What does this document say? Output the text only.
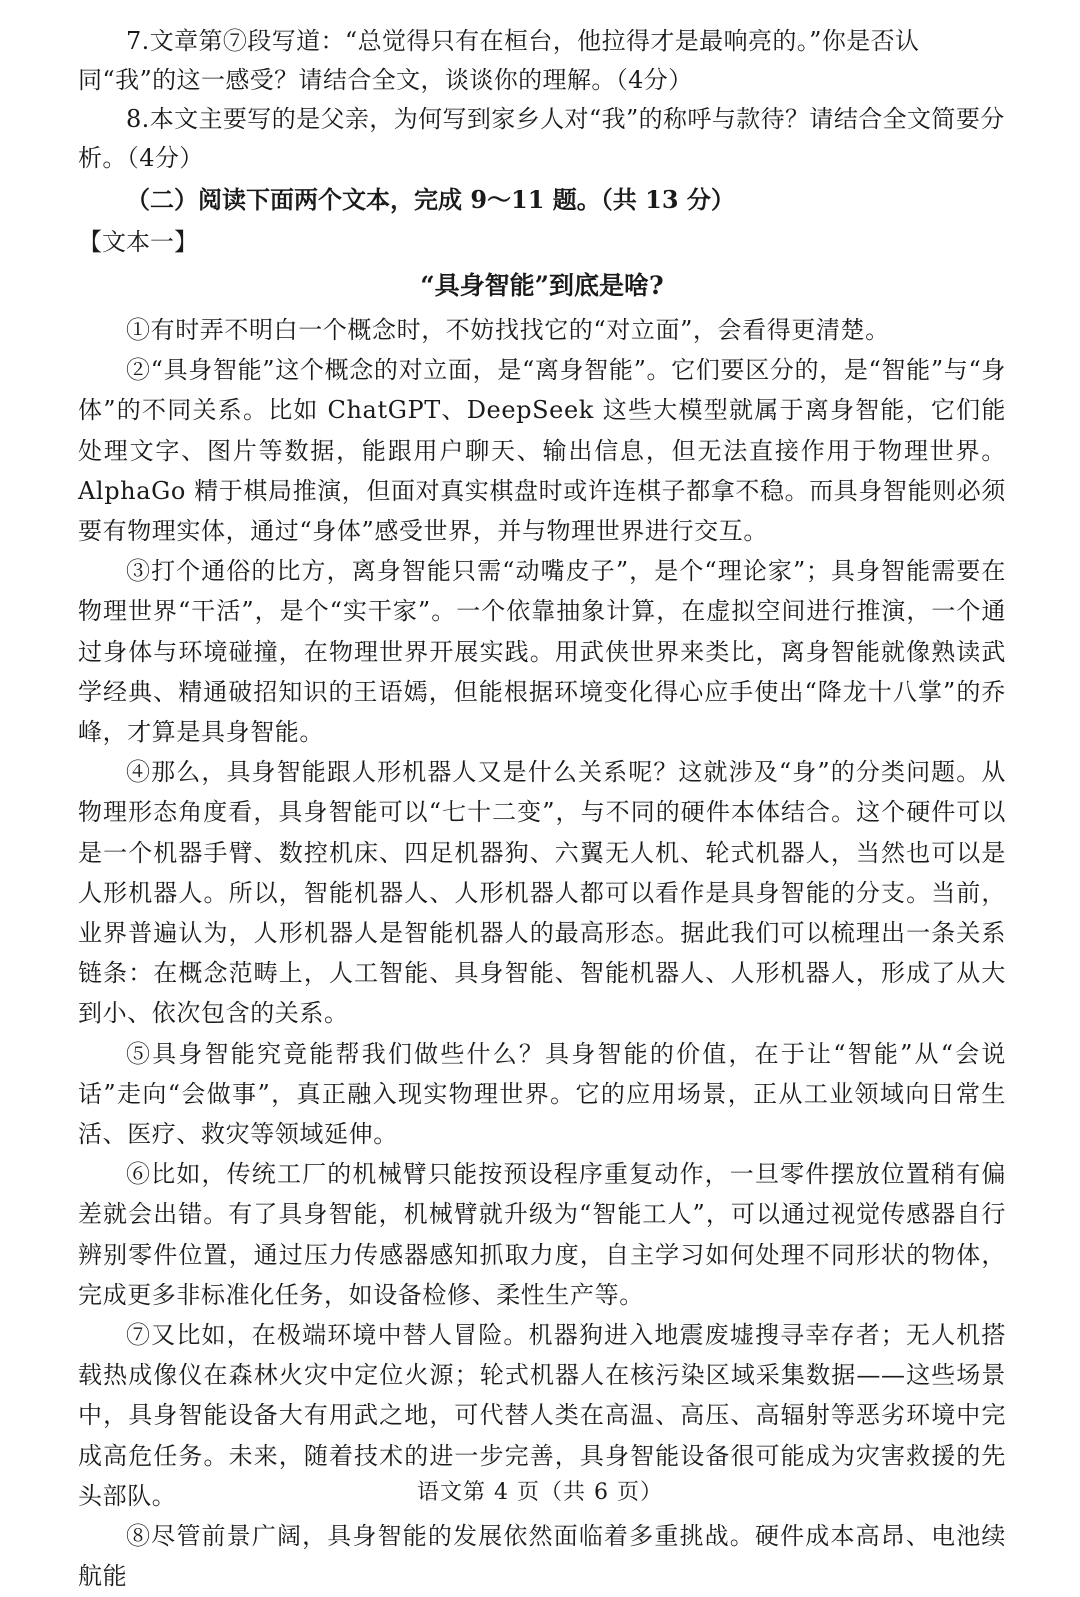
7.文章第⑦段写道：“总觉得只有在桓台，他拉得才是最响亮的。”你是否认同“我”的这一感受？请结合全文，谈谈你的理解。（4分）

8.本文主要写的是父亲，为何写到家乡人对“我”的称呼与款待？请结合全文简要分析。（4分）

（二）阅读下面两个文本，完成 9～11 题。（共 13 分）
【文本一】
“具身智能”到底是啥?

①有时弄不明白一个概念时，不妨找找它的“对立面”，会看得更清楚。

②“具身智能”这个概念的对立面，是“离身智能”。它们要区分的，是“智能”与“身体”的不同关系。比如 ChatGPT、DeepSeek 这些大模型就属于离身智能，它们能处理文字、图片等数据，能跟用户聊天、输出信息，但无法直接作用于物理世界。AlphaGo 精于棋局推演，但面对真实棋盘时或许连棋子都拿不稳。而具身智能则必须要有物理实体，通过“身体”感受世界，并与物理世界进行交互。

③打个通俗的比方，离身智能只需“动嘴皮子”，是个“理论家”；具身智能需要在物理世界“干活”，是个“实干家”。一个依靠抽象计算，在虚拟空间进行推演，一个通过身体与环境碰撞，在物理世界开展实践。用武侠世界来类比，离身智能就像熟读武学经典、精通破招知识的王语嫣，但能根据环境变化得心应手使出“降龙十八掌”的乔峰，才算是具身智能。

④那么，具身智能跟人形机器人又是什么关系呢？这就涉及“身”的分类问题。从物理形态角度看，具身智能可以“七十二变”，与不同的硬件本体结合。这个硬件可以是一个机器手臂、数控机床、四足机器狗、六翼无人机、轮式机器人，当然也可以是人形机器人。所以，智能机器人、人形机器人都可以看作是具身智能的分支。当前，业界普遍认为，人形机器人是智能机器人的最高形态。据此我们可以梳理出一条关系链条：在概念范畴上，人工智能、具身智能、智能机器人、人形机器人，形成了从大到小、依次包含的关系。

⑤具身智能究竟能帮我们做些什么？具身智能的价值，在于让“智能”从“会说话”走向“会做事”，真正融入现实物理世界。它的应用场景，正从工业领域向日常生活、医疗、救灾等领域延伸。

⑥比如，传统工厂的机械臂只能按预设程序重复动作，一旦零件摆放位置稍有偏差就会出错。有了具身智能，机械臂就升级为“智能工人”，可以通过视觉传感器自行辨别零件位置，通过压力传感器感知抓取力度，自主学习如何处理不同形状的物体，完成更多非标准化任务，如设备检修、柔性生产等。

⑦又比如，在极端环境中替人冒险。机器狗进入地震废墟搜寻幸存者；无人机搭载热成像仪在森林火灾中定位火源；轮式机器人在核污染区域采集数据——这些场景中，具身智能设备大有用武之地，可代替人类在高温、高压、高辐射等恶劣环境中完成高危任务。未来，随着技术的进一步完善，具身智能设备很可能成为灾害救援的先头部队。

⑧尽管前景广阔，具身智能的发展依然面临着多重挑战。硬件成本高昂、电池续航能

语文第 4 页（共 6 页）
